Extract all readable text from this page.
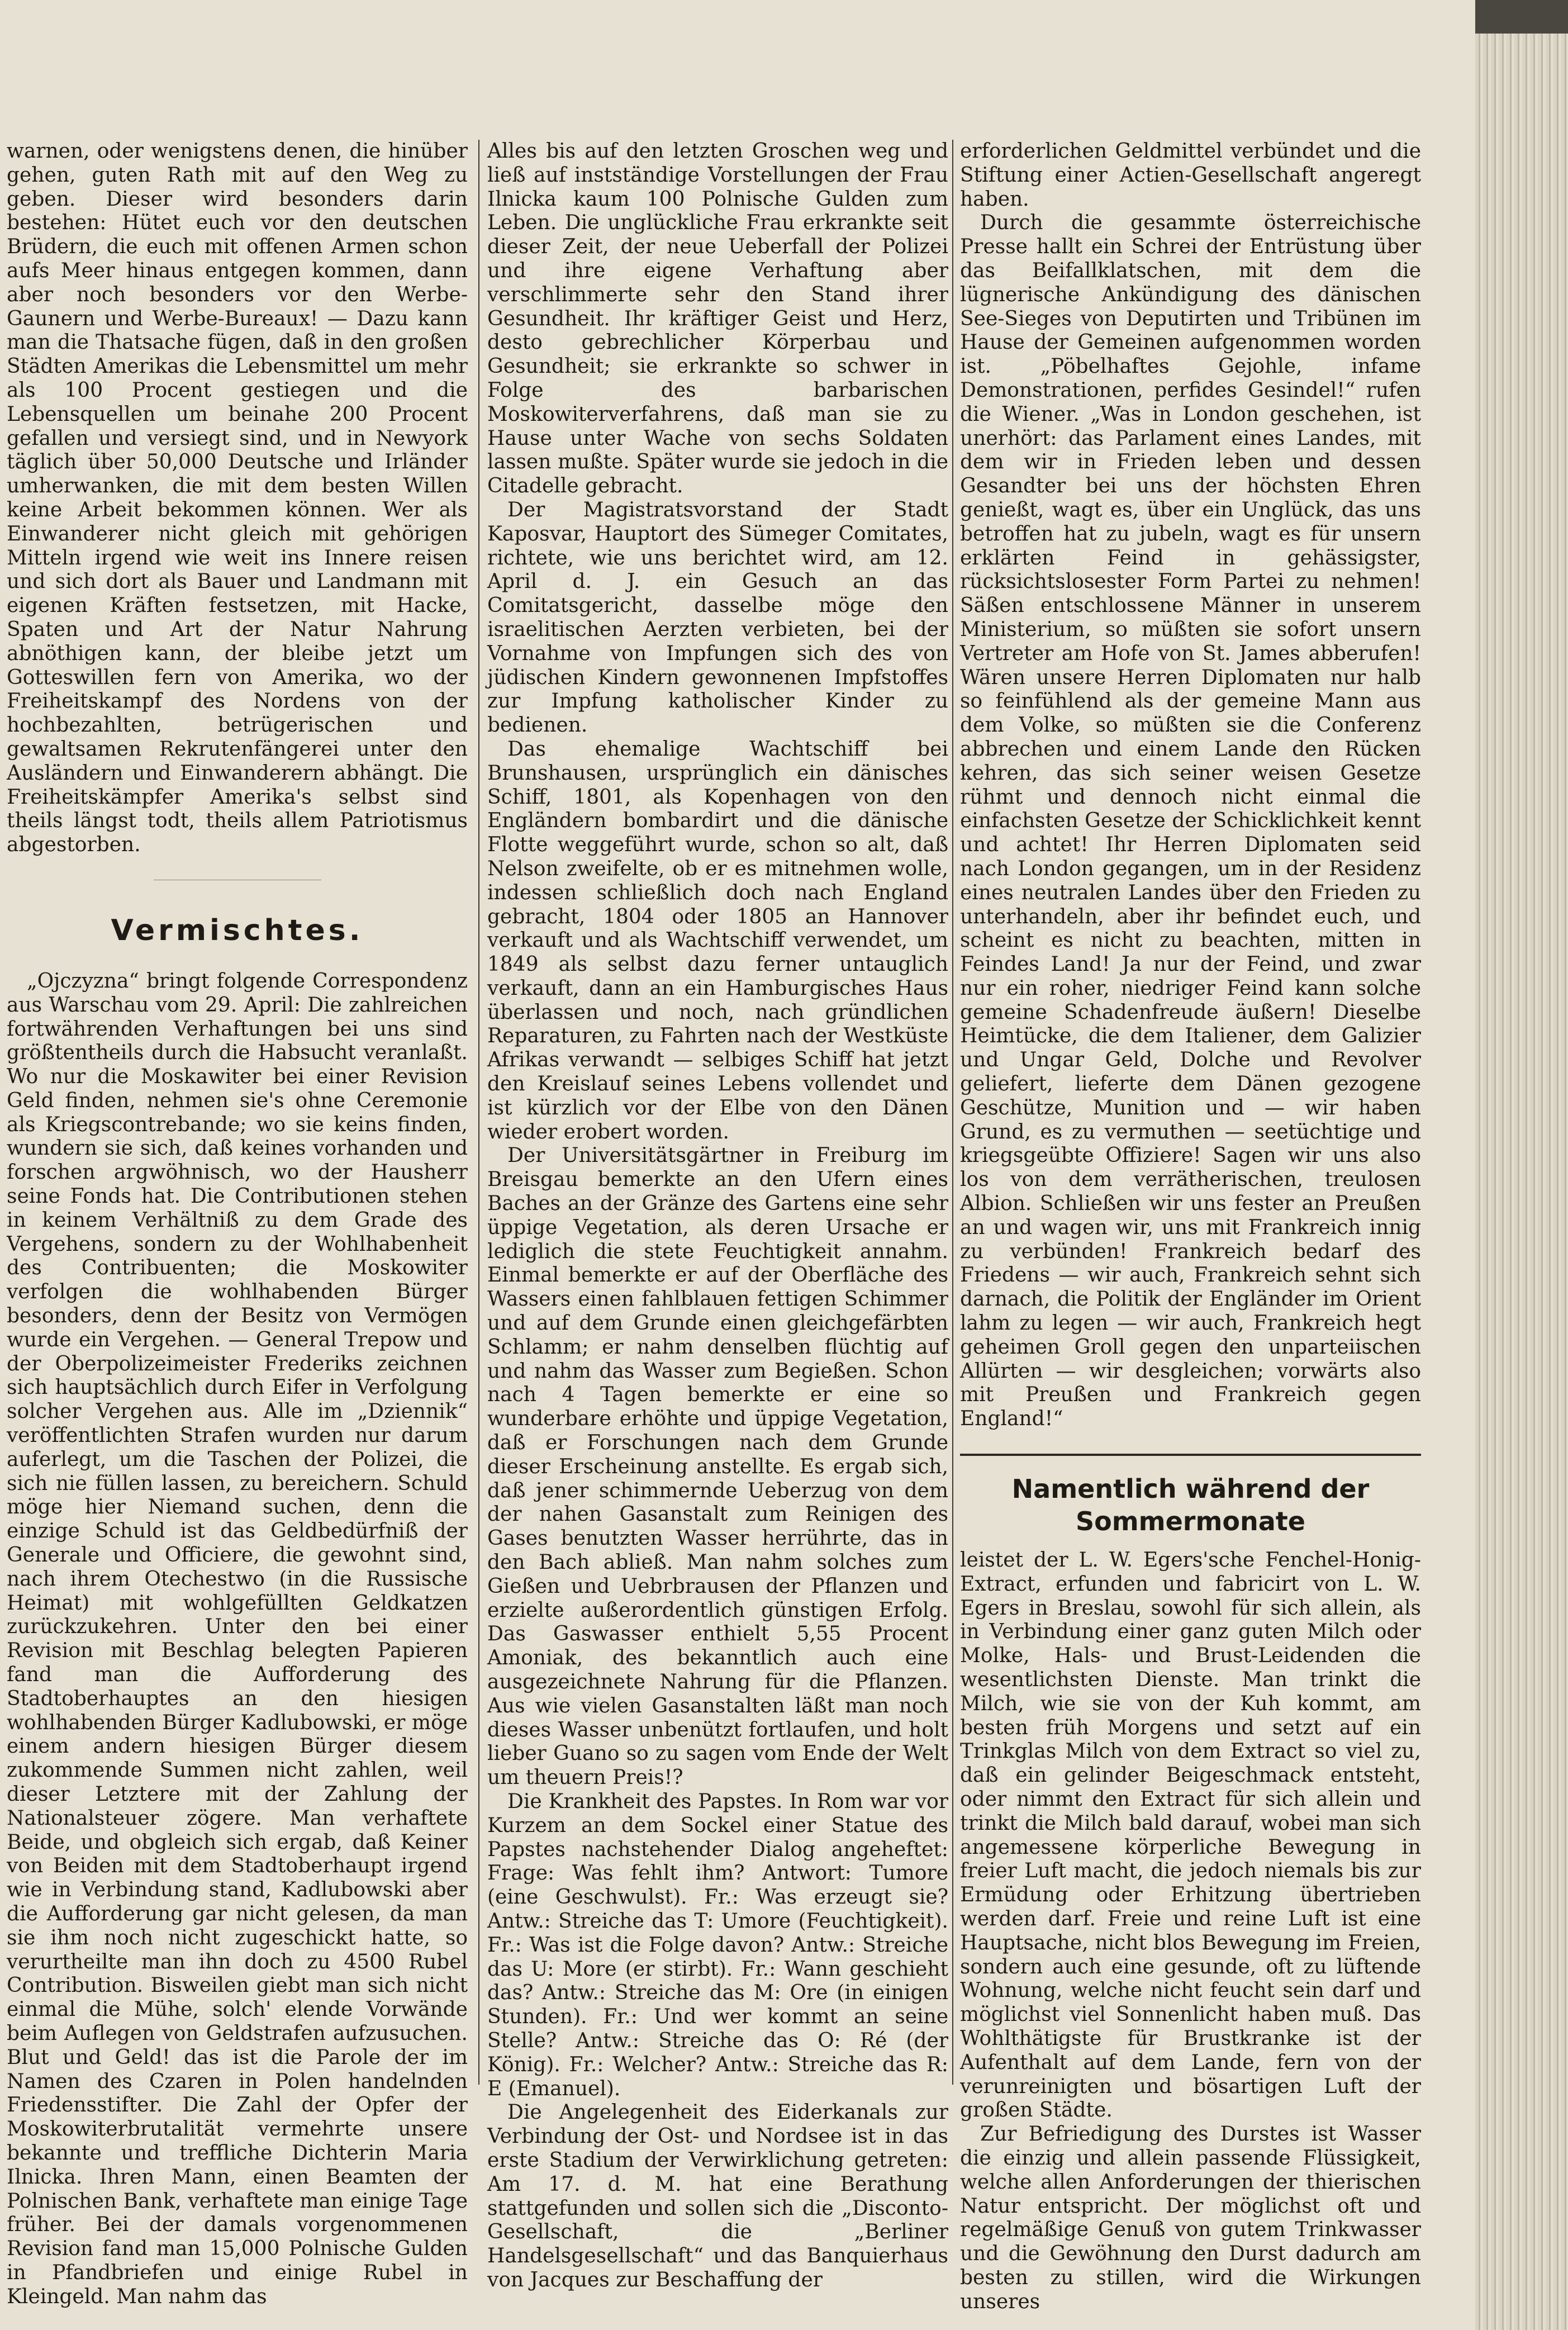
warnen, oder wenigstens denen, die hinüber gehen, guten Rath mit auf den Weg zu geben. Dieser wird besonders darin bestehen: Hütet euch vor den deutschen Brüdern, die euch mit offenen Armen schon aufs Meer hinaus entgegen kommen, dann aber noch besonders vor den Werbe-Gaunern und Werbe-Bureaux! — Dazu kann man die Thatsache fügen, daß in den großen Städten Amerikas die Lebensmittel um mehr als 100 Procent gestiegen und die Lebensquellen um beinahe 200 Procent gefallen und versiegt sind, und in Newyork täglich über 50,000 Deutsche und Irländer umherwanken, die mit dem besten Willen keine Arbeit bekommen können. Wer als Einwanderer nicht gleich mit gehörigen Mitteln irgend wie weit ins Innere reisen und sich dort als Bauer und Landmann mit eigenen Kräften festsetzen, mit Hacke, Spaten und Art der Natur Nahrung abnöthigen kann, der bleibe jetzt um Gotteswillen fern von Amerika, wo der Freiheitskampf des Nordens von der hochbezahlten, betrügerischen und gewaltsamen Rekrutenfängerei unter den Ausländern und Einwanderern abhängt. Die Freiheitskämpfer Amerika's selbst sind theils längst todt, theils allem Patriotismus abgestorben.

Vermischtes.

„Ojczyzna“ bringt folgende Correspondenz aus Warschau vom 29. April: Die zahlreichen fortwährenden Verhaftungen bei uns sind größtentheils durch die Habsucht veranlaßt. Wo nur die Moskawiter bei einer Revision Geld finden, nehmen sie's ohne Ceremonie als Kriegscontrebande; wo sie keins finden, wundern sie sich, daß keines vorhanden und forschen argwöhnisch, wo der Hausherr seine Fonds hat. Die Contributionen stehen in keinem Verhältniß zu dem Grade des Vergehens, sondern zu der Wohlhabenheit des Contribuenten; die Moskowiter verfolgen die wohlhabenden Bürger besonders, denn der Besitz von Vermögen wurde ein Vergehen. — General Trepow und der Oberpolizeimeister Frederiks zeichnen sich hauptsächlich durch Eifer in Verfolgung solcher Vergehen aus. Alle im „Dziennik“ veröffentlichten Strafen wurden nur darum auferlegt, um die Taschen der Polizei, die sich nie füllen lassen, zu bereichern. Schuld möge hier Niemand suchen, denn die einzige Schuld ist das Geldbedürfniß der Generale und Officiere, die gewohnt sind, nach ihrem Otechestwo (in die Russische Heimat) mit wohlgefüllten Geldkatzen zurückzukehren. Unter den bei einer Revision mit Beschlag belegten Papieren fand man die Aufforderung des Stadtoberhauptes an den hiesigen wohlhabenden Bürger Kadlubowski, er möge einem andern hiesigen Bürger diesem zukommende Summen nicht zahlen, weil dieser Letztere mit der Zahlung der Nationalsteuer zögere. Man verhaftete Beide, und obgleich sich ergab, daß Keiner von Beiden mit dem Stadtoberhaupt irgend wie in Verbindung stand, Kadlubowski aber die Aufforderung gar nicht gelesen, da man sie ihm noch nicht zugeschickt hatte, so verurtheilte man ihn doch zu 4500 Rubel Contribution. Bisweilen giebt man sich nicht einmal die Mühe, solch' elende Vorwände beim Auflegen von Geldstrafen aufzusuchen. Blut und Geld! das ist die Parole der im Namen des Czaren in Polen handelnden Friedensstifter. Die Zahl der Opfer der Moskowiterbrutalität vermehrte unsere bekannte und treffliche Dichterin Maria Ilnicka. Ihren Mann, einen Beamten der Polnischen Bank, verhaftete man einige Tage früher. Bei der damals vorgenommenen Revision fand man 15,000 Polnische Gulden in Pfandbriefen und einige Rubel in Kleingeld. Man nahm das

Alles bis auf den letzten Groschen weg und ließ auf instständige Vorstellungen der Frau Ilnicka kaum 100 Polnische Gulden zum Leben. Die unglückliche Frau erkrankte seit dieser Zeit, der neue Ueberfall der Polizei und ihre eigene Verhaftung aber verschlimmerte sehr den Stand ihrer Gesundheit. Ihr kräftiger Geist und Herz, desto gebrechlicher Körperbau und Gesundheit; sie erkrankte so schwer in Folge des barbarischen Moskowiterverfahrens, daß man sie zu Hause unter Wache von sechs Soldaten lassen mußte. Später wurde sie jedoch in die Citadelle gebracht.

Der Magistratsvorstand der Stadt Kaposvar, Hauptort des Sümeger Comitates, richtete, wie uns berichtet wird, am 12. April d. J. ein Gesuch an das Comitatsgericht, dasselbe möge den israelitischen Aerzten verbieten, bei der Vornahme von Impfungen sich des von jüdischen Kindern gewonnenen Impfstoffes zur Impfung katholischer Kinder zu bedienen.

Das ehemalige Wachtschiff bei Brunshausen, ursprünglich ein dänisches Schiff, 1801, als Kopenhagen von den Engländern bombardirt und die dänische Flotte weggeführt wurde, schon so alt, daß Nelson zweifelte, ob er es mitnehmen wolle, indessen schließlich doch nach England gebracht, 1804 oder 1805 an Hannover verkauft und als Wachtschiff verwendet, um 1849 als selbst dazu ferner untauglich verkauft, dann an ein Hamburgisches Haus überlassen und noch, nach gründlichen Reparaturen, zu Fahrten nach der Westküste Afrikas verwandt — selbiges Schiff hat jetzt den Kreislauf seines Lebens vollendet und ist kürzlich vor der Elbe von den Dänen wieder erobert worden.

Der Universitätsgärtner in Freiburg im Breisgau bemerkte an den Ufern eines Baches an der Gränze des Gartens eine sehr üppige Vegetation, als deren Ursache er lediglich die stete Feuchtigkeit annahm. Einmal bemerkte er auf der Oberfläche des Wassers einen fahlblauen fettigen Schimmer und auf dem Grunde einen gleichgefärbten Schlamm; er nahm denselben flüchtig auf und nahm das Wasser zum Begießen. Schon nach 4 Tagen bemerkte er eine so wunderbare erhöhte und üppige Vegetation, daß er Forschungen nach dem Grunde dieser Erscheinung anstellte. Es ergab sich, daß jener schimmernde Ueberzug von dem der nahen Gasanstalt zum Reinigen des Gases benutzten Wasser herrührte, das in den Bach abließ. Man nahm solches zum Gießen und Uebrbrausen der Pflanzen und erzielte außerordentlich günstigen Erfolg. Das Gaswasser enthielt 5,55 Procent Amoniak, des bekanntlich auch eine ausgezeichnete Nahrung für die Pflanzen. Aus wie vielen Gasanstalten läßt man noch dieses Wasser unbenützt fortlaufen, und holt lieber Guano so zu sagen vom Ende der Welt um theuern Preis!?

Die Krankheit des Papstes. In Rom war vor Kurzem an dem Sockel einer Statue des Papstes nachstehender Dialog angeheftet: Frage: Was fehlt ihm? Antwort: Tumore (eine Geschwulst). Fr.: Was erzeugt sie? Antw.: Streiche das T: Umore (Feuchtigkeit). Fr.: Was ist die Folge davon? Antw.: Streiche das U: More (er stirbt). Fr.: Wann geschieht das? Antw.: Streiche das M: Ore (in einigen Stunden). Fr.: Und wer kommt an seine Stelle? Antw.: Streiche das O: Ré (der König). Fr.: Welcher? Antw.: Streiche das R: E (Emanuel).

Die Angelegenheit des Eiderkanals zur Verbindung der Ost- und Nordsee ist in das erste Stadium der Verwirklichung getreten: Am 17. d. M. hat eine Berathung stattgefunden und sollen sich die „Disconto-Gesellschaft, die „Berliner Handelsgesellschaft“ und das Banquierhaus von Jacques zur Beschaffung der

erforderlichen Geldmittel verbündet und die Stiftung einer Actien-Gesellschaft angeregt haben.

Durch die gesammte österreichische Presse hallt ein Schrei der Entrüstung über das Beifallklatschen, mit dem die lügnerische Ankündigung des dänischen See-Sieges von Deputirten und Tribünen im Hause der Gemeinen aufgenommen worden ist. „Pöbelhaftes Gejohle, infame Demonstrationen, perfides Gesindel!“ rufen die Wiener. „Was in London geschehen, ist unerhört: das Parlament eines Landes, mit dem wir in Frieden leben und dessen Gesandter bei uns der höchsten Ehren genießt, wagt es, über ein Unglück, das uns betroffen hat zu jubeln, wagt es für unsern erklärten Feind in gehässigster, rücksichtslosester Form Partei zu nehmen! Säßen entschlossene Männer in unserem Ministerium, so müßten sie sofort unsern Vertreter am Hofe von St. James abberufen! Wären unsere Herren Diplomaten nur halb so feinfühlend als der gemeine Mann aus dem Volke, so müßten sie die Conferenz abbrechen und einem Lande den Rücken kehren, das sich seiner weisen Gesetze rühmt und dennoch nicht einmal die einfachsten Gesetze der Schicklichkeit kennt und achtet! Ihr Herren Diplomaten seid nach London gegangen, um in der Residenz eines neutralen Landes über den Frieden zu unterhandeln, aber ihr befindet euch, und scheint es nicht zu beachten, mitten in Feindes Land! Ja nur der Feind, und zwar nur ein roher, niedriger Feind kann solche gemeine Schadenfreude äußern! Dieselbe Heimtücke, die dem Italiener, dem Galizier und Ungar Geld, Dolche und Revolver geliefert, lieferte dem Dänen gezogene Geschütze, Munition und — wir haben Grund, es zu vermuthen — seetüchtige und kriegsgeübte Offiziere! Sagen wir uns also los von dem verrätherischen, treulosen Albion. Schließen wir uns fester an Preußen an und wagen wir, uns mit Frankreich innig zu verbünden! Frankreich bedarf des Friedens — wir auch, Frankreich sehnt sich darnach, die Politik der Engländer im Orient lahm zu legen — wir auch, Frankreich hegt geheimen Groll gegen den unparteiischen Allürten — wir desgleichen; vorwärts also mit Preußen und Frankreich gegen England!“

Namentlich während der Sommermonate

leistet der L. W. Egers'sche Fenchel-Honig-Extract, erfunden und fabricirt von L. W. Egers in Breslau, sowohl für sich allein, als in Verbindung einer ganz guten Milch oder Molke, Hals- und Brust-Leidenden die wesentlichsten Dienste. Man trinkt die Milch, wie sie von der Kuh kommt, am besten früh Morgens und setzt auf ein Trinkglas Milch von dem Extract so viel zu, daß ein gelinder Beigeschmack entsteht, oder nimmt den Extract für sich allein und trinkt die Milch bald darauf, wobei man sich angemessene körperliche Bewegung in freier Luft macht, die jedoch niemals bis zur Ermüdung oder Erhitzung übertrieben werden darf. Freie und reine Luft ist eine Hauptsache, nicht blos Bewegung im Freien, sondern auch eine gesunde, oft zu lüftende Wohnung, welche nicht feucht sein darf und möglichst viel Sonnenlicht haben muß. Das Wohlthätigste für Brustkranke ist der Aufenthalt auf dem Lande, fern von der verunreinigten und bösartigen Luft der großen Städte.

Zur Befriedigung des Durstes ist Wasser die einzig und allein passende Flüssigkeit, welche allen Anforderungen der thierischen Natur entspricht. Der möglichst oft und regelmäßige Genuß von gutem Trinkwasser und die Gewöhnung den Durst dadurch am besten zu stillen, wird die Wirkungen unseres
